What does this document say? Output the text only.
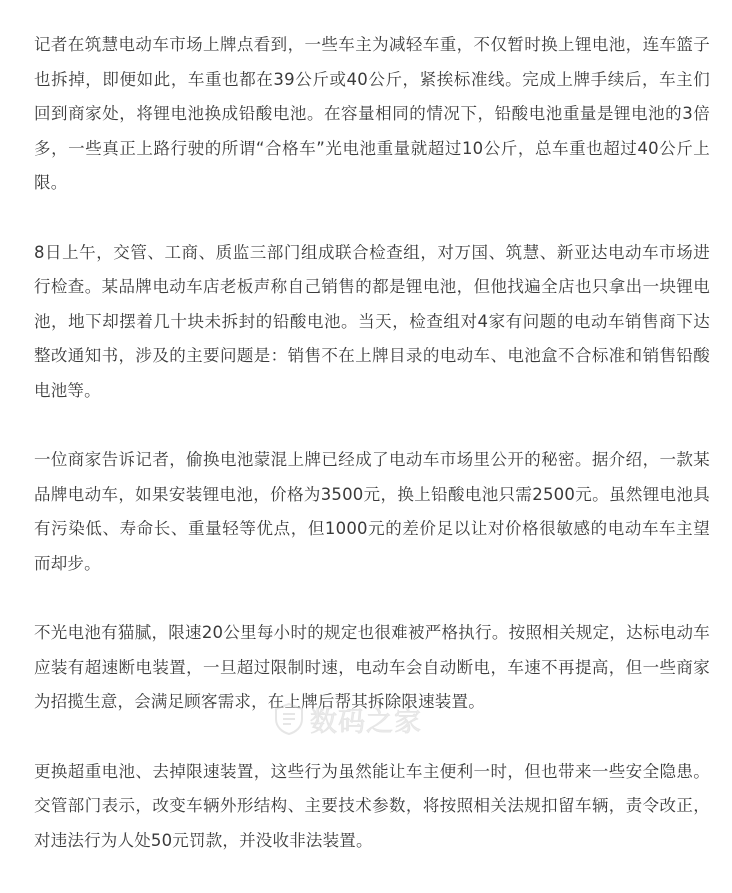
记者在筑慧电动车市场上牌点看到，一些车主为减轻车重，不仅暂时换上锂电池，连车篮子也拆掉，即便如此，车重也都在39公斤或40公斤，紧挨标准线。完成上牌手续后，车主们回到商家处，将锂电池换成铅酸电池。在容量相同的情况下，铅酸电池重量是锂电池的3倍多，一些真正上路行驶的所谓“合格车”光电池重量就超过10公斤，总车重也超过40公斤上限。

8日上午，交管、工商、质监三部门组成联合检查组，对万国、筑慧、新亚达电动车市场进行检查。某品牌电动车店老板声称自己销售的都是锂电池，但他找遍全店也只拿出一块锂电池，地下却摆着几十块未拆封的铅酸电池。当天，检查组对4家有问题的电动车销售商下达整改通知书，涉及的主要问题是：销售不在上牌目录的电动车、电池盒不合标准和销售铅酸电池等。

一位商家告诉记者，偷换电池蒙混上牌已经成了电动车市场里公开的秘密。据介绍，一款某品牌电动车，如果安装锂电池，价格为3500元，换上铅酸电池只需2500元。虽然锂电池具有污染低、寿命长、重量轻等优点，但1000元的差价足以让对价格很敏感的电动车车主望而却步。

不光电池有猫腻，限速20公里每小时的规定也很难被严格执行。按照相关规定，达标电动车应装有超速断电装置，一旦超过限制时速，电动车会自动断电，车速不再提高，但一些商家为招揽生意，会满足顾客需求，在上牌后帮其拆除限速装置。

更换超重电池、去掉限速装置，这些行为虽然能让车主便利一时，但也带来一些安全隐患。交管部门表示，改变车辆外形结构、主要技术参数，将按照相关法规扣留车辆，责令改正，对违法行为人处50元罚款，并没收非法装置。

数码之家
